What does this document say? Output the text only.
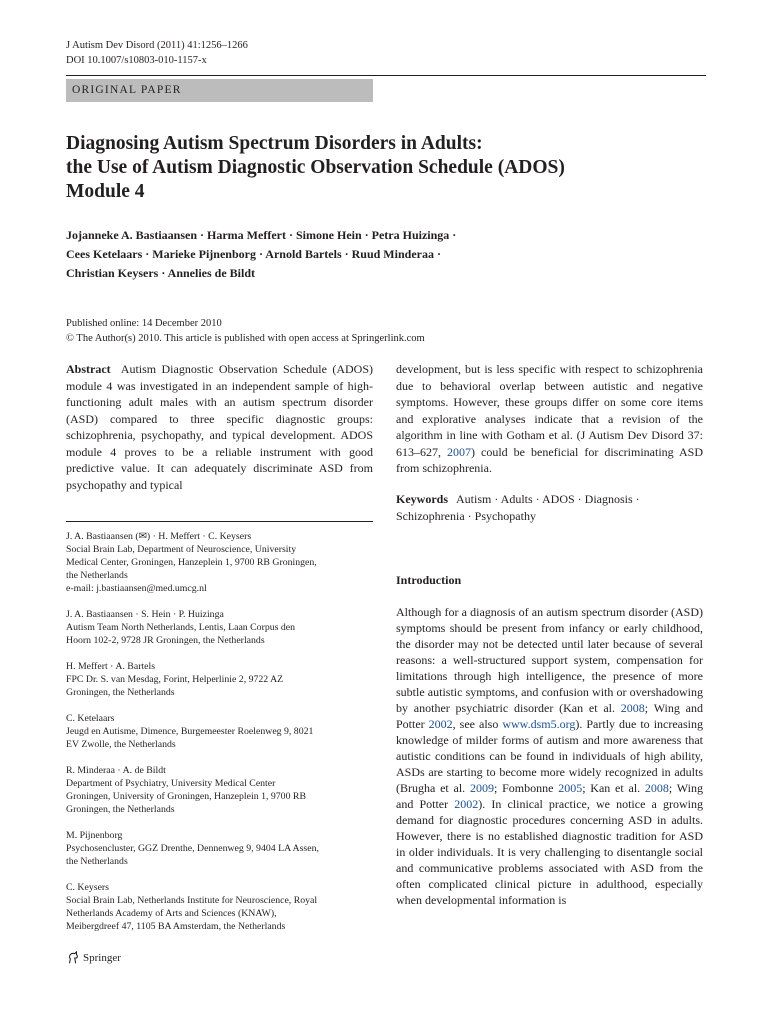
J Autism Dev Disord (2011) 41:1256–1266
DOI 10.1007/s10803-010-1157-x
ORIGINAL PAPER
Diagnosing Autism Spectrum Disorders in Adults:
the Use of Autism Diagnostic Observation Schedule (ADOS)
Module 4
Jojanneke A. Bastiaansen · Harma Meffert · Simone Hein · Petra Huizinga ·
Cees Ketelaars · Marieke Pijnenborg · Arnold Bartels · Ruud Minderaa ·
Christian Keysers · Annelies de Bildt
Published online: 14 December 2010
© The Author(s) 2010. This article is published with open access at Springerlink.com

Abstract Autism Diagnostic Observation Schedule (ADOS) module 4 was investigated in an independent sample of high-functioning adult males with an autism spectrum disorder (ASD) compared to three specific diagnostic groups: schizophrenia, psychopathy, and typical development. ADOS module 4 proves to be a reliable instrument with good predictive value. It can adequately discriminate ASD from psychopathy and typical

development, but is less specific with respect to schizophrenia due to behavioral overlap between autistic and negative symptoms. However, these groups differ on some core items and explorative analyses indicate that a revision of the algorithm in line with Gotham et al. (J Autism Dev Disord 37: 613–627, 2007) could be beneficial for discriminating ASD from schizophrenia.

Keywords Autism · Adults · ADOS · Diagnosis · Schizophrenia · Psychopathy
J. A. Bastiaansen (✉) · H. Meffert · C. Keysers
Social Brain Lab, Department of Neuroscience, University
Medical Center, Groningen, Hanzeplein 1, 9700 RB Groningen,
the Netherlands
e-mail: j.bastiaansen@med.umcg.nl
J. A. Bastiaansen · S. Hein · P. Huizinga
Autism Team North Netherlands, Lentis, Laan Corpus den
Hoorn 102-2, 9728 JR Groningen, the Netherlands
H. Meffert · A. Bartels
FPC Dr. S. van Mesdag, Forint, Helperlinie 2, 9722 AZ
Groningen, the Netherlands
C. Ketelaars
Jeugd en Autisme, Dimence, Burgemeester Roelenweg 9, 8021
EV Zwolle, the Netherlands
R. Minderaa · A. de Bildt
Department of Psychiatry, University Medical Center
Groningen, University of Groningen, Hanzeplein 1, 9700 RB
Groningen, the Netherlands
M. Pijnenborg
Psychosencluster, GGZ Drenthe, Dennenweg 9, 9404 LA Assen,
the Netherlands
C. Keysers
Social Brain Lab, Netherlands Institute for Neuroscience, Royal
Netherlands Academy of Arts and Sciences (KNAW),
Meibergdreef 47, 1105 BA Amsterdam, the Netherlands
Introduction

Although for a diagnosis of an autism spectrum disorder (ASD) symptoms should be present from infancy or early childhood, the disorder may not be detected until later because of several reasons: a well-structured support system, compensation for limitations through high intelligence, the presence of more subtle autistic symptoms, and confusion with or overshadowing by another psychiatric disorder (Kan et al. 2008; Wing and Potter 2002, see also www.dsm5.org). Partly due to increasing knowledge of milder forms of autism and more awareness that autistic conditions can be found in individuals of high ability, ASDs are starting to become more widely recognized in adults (Brugha et al. 2009; Fombonne 2005; Kan et al. 2008; Wing and Potter 2002). In clinical practice, we notice a growing demand for diagnostic procedures concerning ASD in adults. However, there is no established diagnostic tradition for ASD in older individuals. It is very challenging to disentangle social and communicative problems associated with ASD from the often complicated clinical picture in adulthood, especially when developmental information is

Springer
